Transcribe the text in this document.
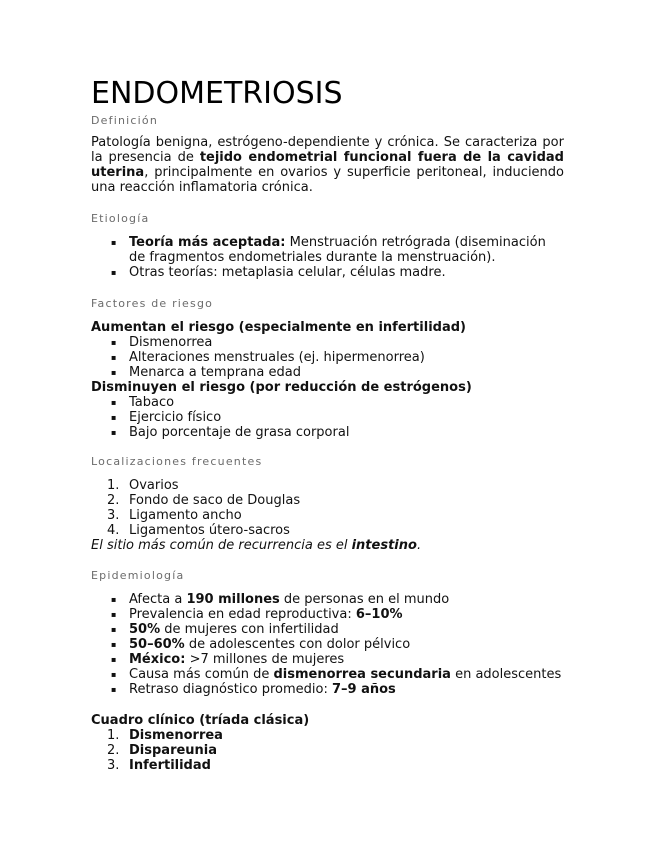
ENDOMETRIOSIS

Definición

Patología benigna, estrógeno-dependiente y crónica. Se caracteriza por la presencia de tejido endometrial funcional fuera de la cavidad uterina, principalmente en ovarios y superficie peritoneal, induciendo una reacción inflamatoria crónica.

Etiología

▪ Teoría más aceptada: Menstruación retrógrada (diseminación de fragmentos endometriales durante la menstruación).
▪ Otras teorías: metaplasia celular, células madre.

Factores de riesgo

Aumentan el riesgo (especialmente en infertilidad)

▪ Dismenorrea
▪ Alteraciones menstruales (ej. hipermenorrea)
▪ Menarca a temprana edad

Disminuyen el riesgo (por reducción de estrógenos)

▪ Tabaco
▪ Ejercicio físico
▪ Bajo porcentaje de grasa corporal

Localizaciones frecuentes

1. Ovarios
2. Fondo de saco de Douglas
3. Ligamento ancho
4. Ligamentos útero-sacros

El sitio más común de recurrencia es el intestino.

Epidemiología

▪ Afecta a 190 millones de personas en el mundo
▪ Prevalencia en edad reproductiva: 6–10%
▪ 50% de mujeres con infertilidad
▪ 50–60% de adolescentes con dolor pélvico
▪ México: >7 millones de mujeres
▪ Causa más común de dismenorrea secundaria en adolescentes
▪ Retraso diagnóstico promedio: 7–9 años

Cuadro clínico (tríada clásica)

1. Dismenorrea
2. Dispareunia
3. Infertilidad
